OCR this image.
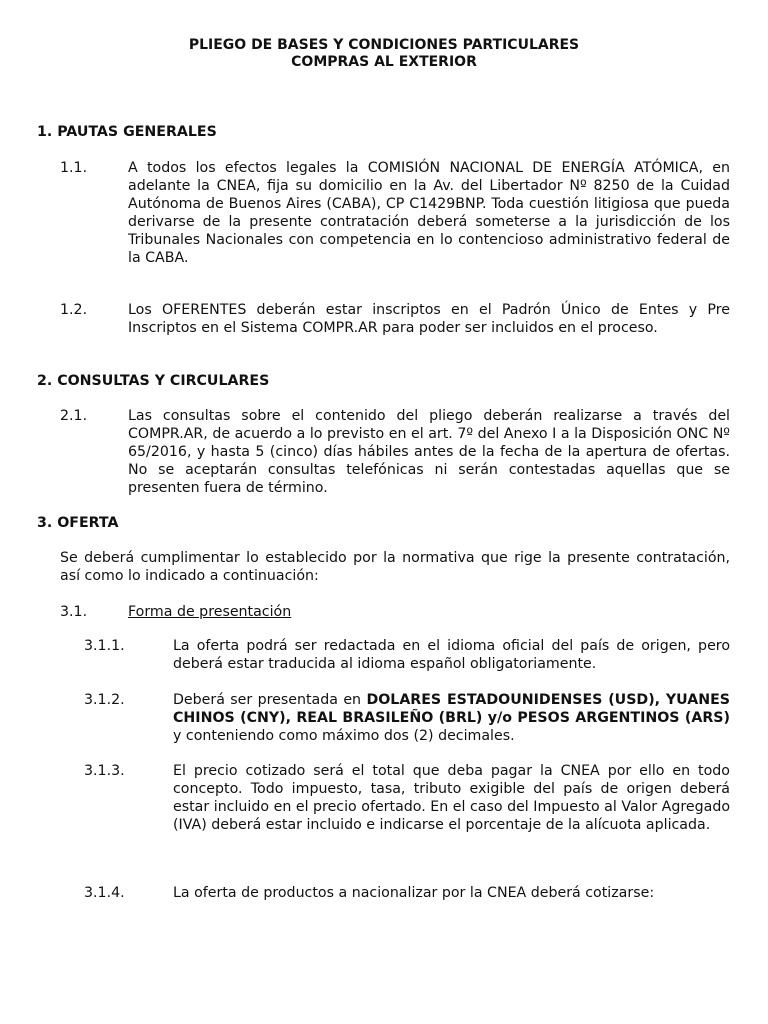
PLIEGO DE BASES Y CONDICIONES PARTICULARES
COMPRAS AL EXTERIOR
1. PAUTAS GENERALES
1.1.	A todos los efectos legales la COMISIÓN NACIONAL DE ENERGÍA ATÓMICA, en adelante la CNEA, fija su domicilio en la Av. del Libertador Nº 8250 de la Cuidad Autónoma de Buenos Aires (CABA), CP C1429BNP. Toda cuestión litigiosa que pueda derivarse de la presente contratación deberá someterse a la jurisdicción de los Tribunales Nacionales con competencia en lo contencioso administrativo federal de la CABA.
1.2.	Los OFERENTES deberán estar inscriptos en el Padrón Único de Entes y Pre Inscriptos en el Sistema COMPR.AR para poder ser incluidos en el proceso.
2. CONSULTAS Y CIRCULARES
2.1.	Las consultas sobre el contenido del pliego deberán realizarse a través del COMPR.AR, de acuerdo a lo previsto en el art. 7º del Anexo I a la Disposición ONC Nº 65/2016, y hasta 5 (cinco) días hábiles antes de la fecha de la apertura de ofertas. No se aceptarán consultas telefónicas ni serán contestadas aquellas que se presenten fuera de término.
3. OFERTA
Se deberá cumplimentar lo establecido por la normativa que rige la presente contratación, así como lo indicado a continuación:
3.1.	Forma de presentación
3.1.1.	La oferta podrá ser redactada en el idioma oficial del país de origen, pero deberá estar traducida al idioma español obligatoriamente.
3.1.2.	Deberá ser presentada en DOLARES ESTADOUNIDENSES (USD), YUANES CHINOS (CNY), REAL BRASILEÑO (BRL) y/o PESOS ARGENTINOS (ARS) y conteniendo como máximo dos (2) decimales.
3.1.3.	El precio cotizado será el total que deba pagar la CNEA por ello en todo concepto. Todo impuesto, tasa, tributo exigible del país de origen deberá estar incluido en el precio ofertado. En el caso del Impuesto al Valor Agregado (IVA) deberá estar incluido e indicarse el porcentaje de la alícuota aplicada.
3.1.4.	La oferta de productos a nacionalizar por la CNEA deberá cotizarse:
